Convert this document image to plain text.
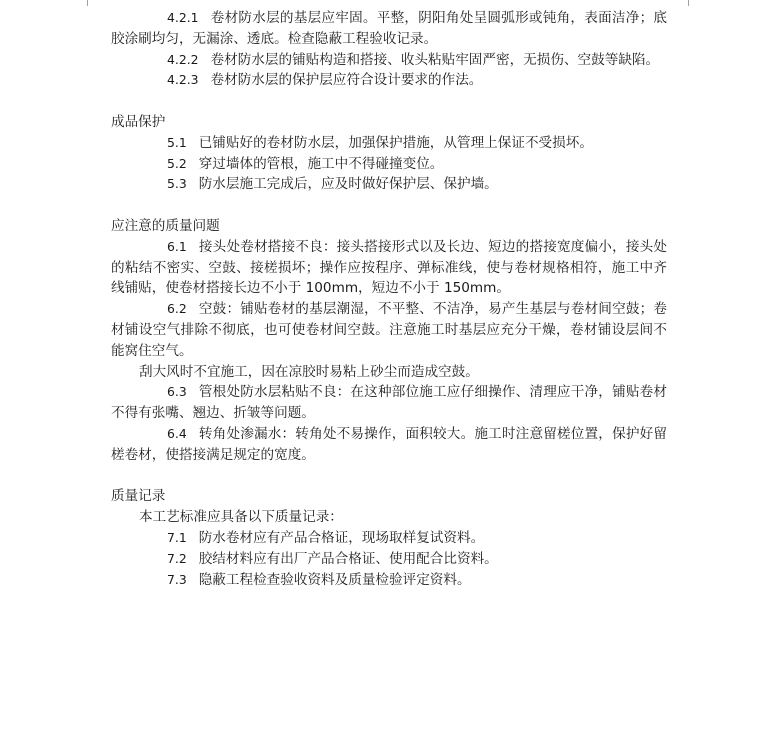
4.2.1 卷材防水层的基层应牢固。平整，阴阳角处呈圆弧形或钝角，表面洁净；底胶涂刷均匀，无漏涂、透底。检查隐蔽工程验收记录。

4.2.2 卷材防水层的铺贴构造和搭接、收头粘贴牢固严密，无损伤、空鼓等缺陷。

4.2.3 卷材防水层的保护层应符合设计要求的作法。

成品保护

5.1 已铺贴好的卷材防水层，加强保护措施，从管理上保证不受损坏。

5.2 穿过墙体的管根，施工中不得碰撞变位。

5.3 防水层施工完成后，应及时做好保护层、保护墙。

应注意的质量问题

6.1 接头处卷材搭接不良：接头搭接形式以及长边、短边的搭接宽度偏小，接头处的粘结不密实、空鼓、接槎损坏；操作应按程序、弹标准线，使与卷材规格相符，施工中齐线铺贴，使卷材搭接长边不小于 100mm，短边不小于 150mm。

6.2 空鼓：铺贴卷材的基层潮湿，不平整、不洁净，易产生基层与卷材间空鼓；卷材铺设空气排除不彻底，也可使卷材间空鼓。注意施工时基层应充分干燥，卷材铺设层间不能窝住空气。

刮大风时不宜施工，因在凉胶时易粘上砂尘而造成空鼓。

6.3 管根处防水层粘贴不良：在这种部位施工应仔细操作、清理应干净，铺贴卷材不得有张嘴、翘边、折皱等问题。

6.4 转角处渗漏水：转角处不易操作，面积较大。施工时注意留槎位置，保护好留槎卷材，使搭接满足规定的宽度。

质量记录

本工艺标准应具备以下质量记录：

7.1 防水卷材应有产品合格证，现场取样复试资料。

7.2 胶结材料应有出厂产品合格证、使用配合比资料。

7.3 隐蔽工程检查验收资料及质量检验评定资料。
